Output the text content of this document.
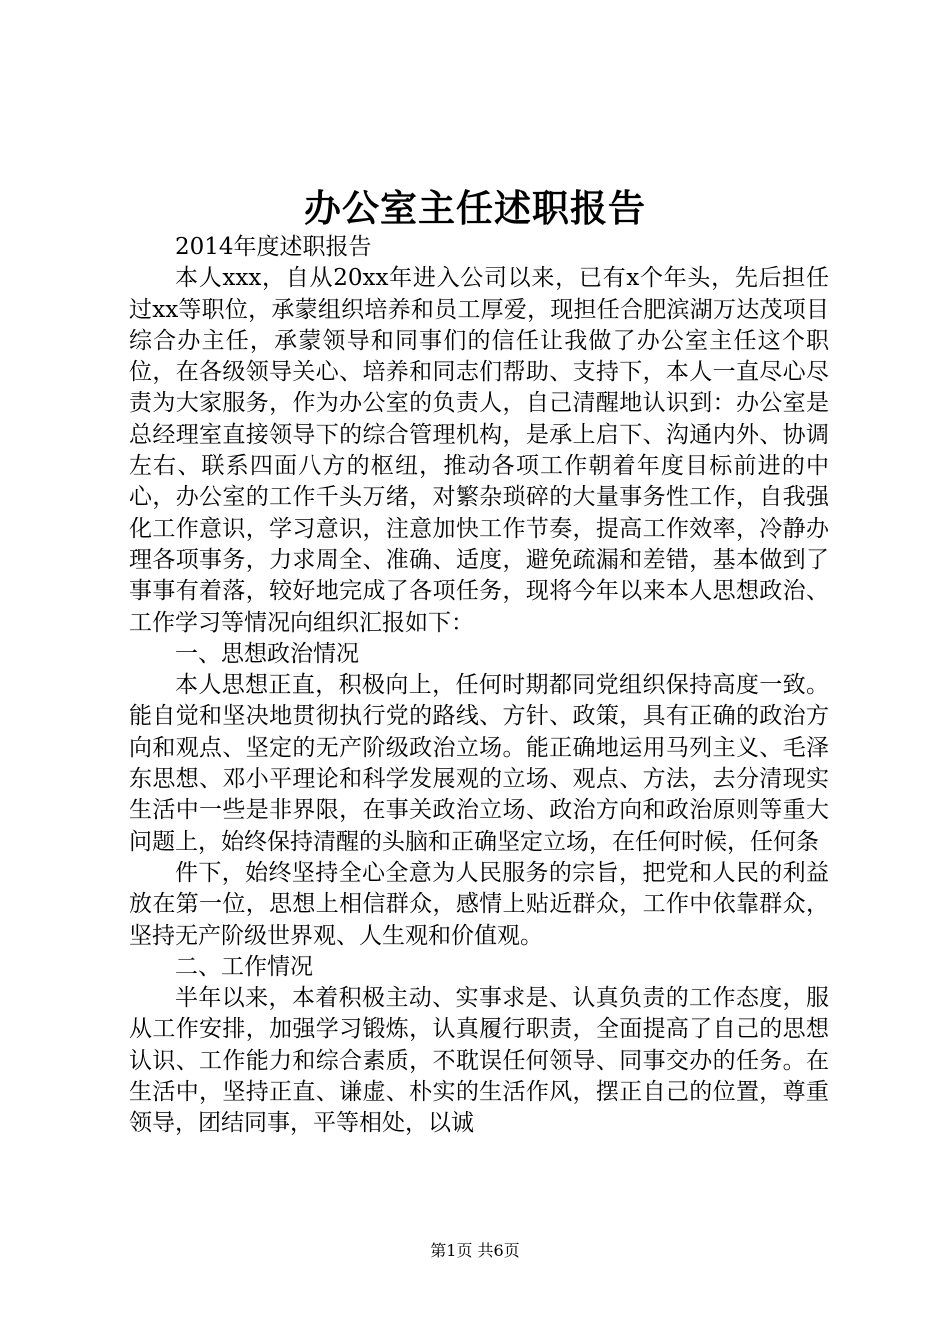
办公室主任述职报告

2014年度述职报告

本人xxx，自从20xx年进入公司以来，已有x个年头，先后担任过xx等职位，承蒙组织培养和员工厚爱，现担任合肥滨湖万达茂项目综合办主任，承蒙领导和同事们的信任让我做了办公室主任这个职位，在各级领导关心、培养和同志们帮助、支持下，本人一直尽心尽责为大家服务，作为办公室的负责人，自己清醒地认识到：办公室是总经理室直接领导下的综合管理机构，是承上启下、沟通内外、协调左右、联系四面八方的枢纽，推动各项工作朝着年度目标前进的中心，办公室的工作千头万绪，对繁杂琐碎的大量事务性工作，自我强化工作意识，学习意识，注意加快工作节奏，提高工作效率，冷静办理各项事务，力求周全、准确、适度，避免疏漏和差错，基本做到了事事有着落，较好地完成了各项任务，现将今年以来本人思想政治、工作学习等情况向组织汇报如下：

一、思想政治情况

本人思想正直，积极向上，任何时期都同党组织保持高度一致。能自觉和坚决地贯彻执行党的路线、方针、政策，具有正确的政治方向和观点、坚定的无产阶级政治立场。能正确地运用马列主义、毛泽东思想、邓小平理论和科学发展观的立场、观点、方法，去分清现实生活中一些是非界限，在事关政治立场、政治方向和政治原则等重大问题上，始终保持清醒的头脑和正确坚定立场，在任何时候，任何条

件下，始终坚持全心全意为人民服务的宗旨，把党和人民的利益放在第一位，思想上相信群众，感情上贴近群众，工作中依靠群众，坚持无产阶级世界观、人生观和价值观。

二、工作情况

半年以来，本着积极主动、实事求是、认真负责的工作态度，服从工作安排，加强学习锻炼，认真履行职责，全面提高了自己的思想认识、工作能力和综合素质，不耽误任何领导、同事交办的任务。在生活中，坚持正直、谦虚、朴实的生活作风，摆正自己的位置，尊重领导，团结同事，平等相处，以诚

第1页 共6页
